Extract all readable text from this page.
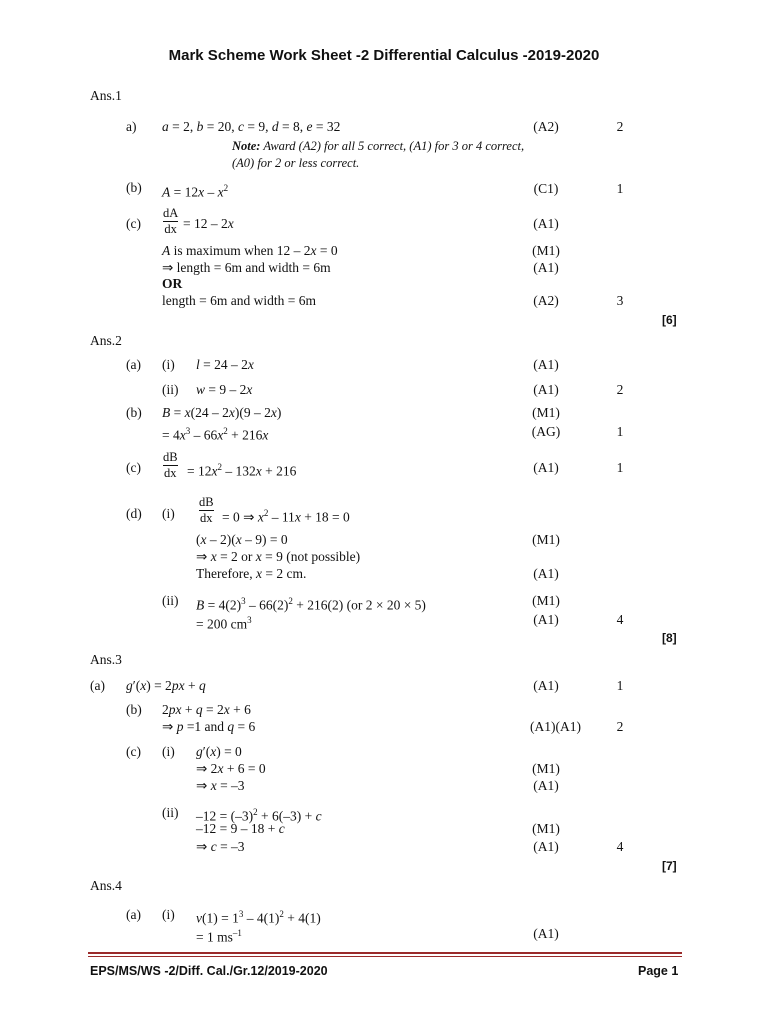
Mark Scheme Work Sheet -2 Differential Calculus -2019-2020
Ans.1
a) a = 2, b = 20, c = 9, d = 8, e = 32	(A2)	2
Note: Award (A2) for all 5 correct, (A1) for 3 or 4 correct,
(A0) for 2 or less correct.
(b) $A = 12x - x^2$	(C1)	1
(c)
dA
dx = 12 – 2x	(A1)
A is maximum when 12 – 2x = 0	(M1)
⇒ length = 6m and width = 6m	(A1)
OR
length = 6m and width = 6m	(A2)	3
[6]
Ans.2
(a) (i) l = 24 – 2x	(A1)
(ii) w = 9 – 2x	(A1)	2
(b) B = x(24 – 2x)(9 – 2x)	(M1)
= $4x^3 - 66x^2 + 216x$	(AG)	1
(c)
dB
dx = $12x^2 - 132x + 216$	(A1)	1
(d) (i)
dB
dx = 0 ⇒ $x^2 - 11x + 18 = 0$
(x – 2)(x – 9) = 0	(M1)
⇒ x = 2 or x = 9 (not possible)
Therefore, x = 2 cm.	(A1)
(ii) $B = 4(2)^3 - 66(2)^2 + 216(2)$ (or 2 × 20 × 5)	(M1)
= 200 $cm^3$	(A1)	4
[8]
Ans.3
(a) g′(x) = 2px + q	(A1)	1
(b) 2px + q = 2x + 6
⇒ p =1 and q = 6	(A1)(A1)	2
(c) (i) g′(x) = 0
⇒ 2x + 6 = 0	(M1)
⇒ x = –3	(A1)
(ii) $-12 = (-3)^2 + 6(-3) + c$
–12 = 9 – 18 + c	(M1)
⇒ c = –3	(A1)	4
[7]
Ans.4
(a) (i) $v(1) = 1^3 - 4(1)^2 + 4(1)$
= 1 $ms^{-1}$	(A1)
EPS/MS/WS -2/Diff. Cal./Gr.12/2019-2020	Page 1
